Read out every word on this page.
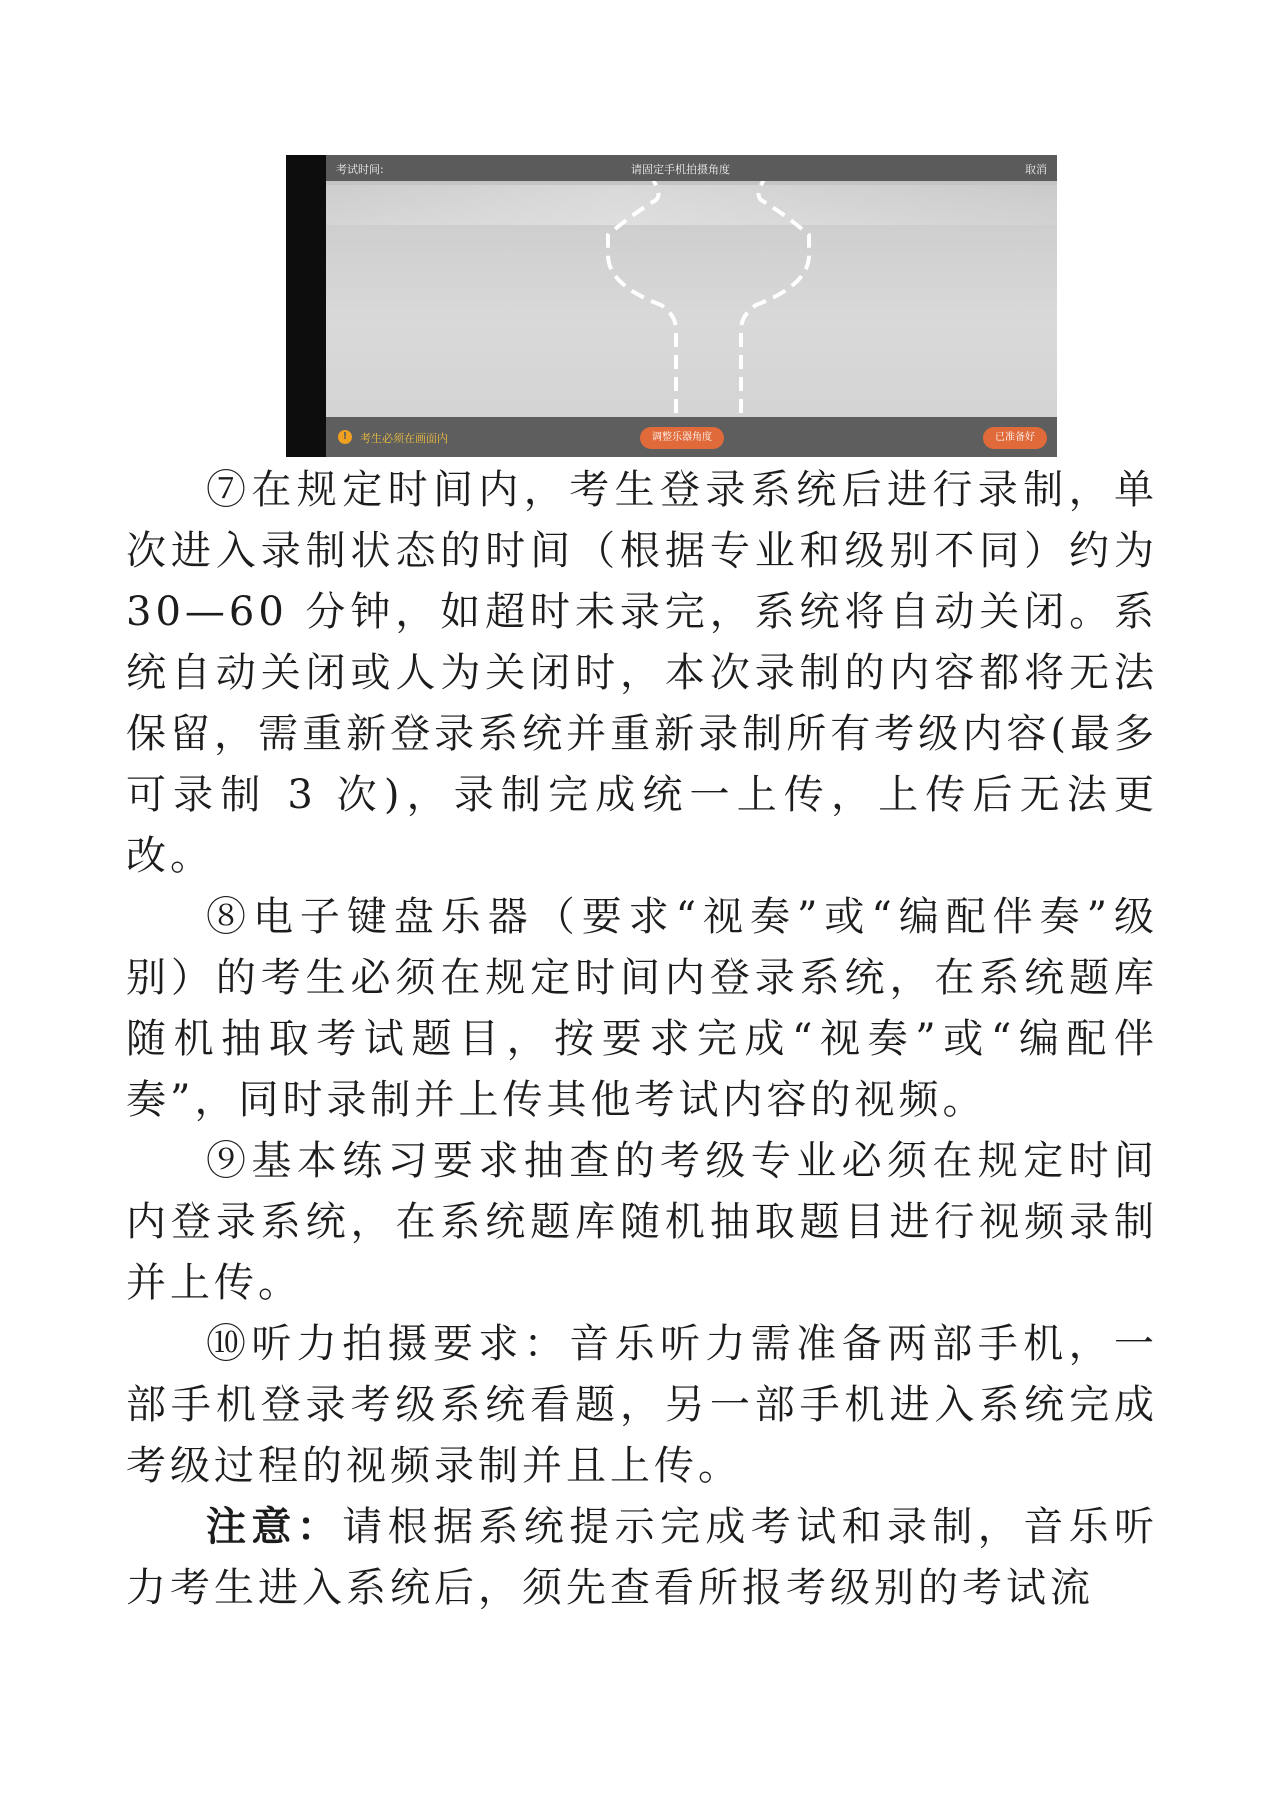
考试时间:	请固定手机拍摄角度	取消
!	考生必须在画面内	调整乐器角度	已准备好

⑦在规定时间内，考生登录系统后进行录制，单次进入录制状态的时间（根据专业和级别不同）约为 30—60 分钟，如超时未录完，系统将自动关闭。系统自动关闭或人为关闭时，本次录制的内容都将无法保留，需重新登录系统并重新录制所有考级内容(最多可录制 3 次)，录制完成统一上传，上传后无法更改。

⑧电子键盘乐器（要求“视奏”或“编配伴奏”级别）的考生必须在规定时间内登录系统，在系统题库随机抽取考试题目，按要求完成“视奏”或“编配伴奏”，同时录制并上传其他考试内容的视频。

⑨基本练习要求抽查的考级专业必须在规定时间内登录系统，在系统题库随机抽取题目进行视频录制并上传。

⑩听力拍摄要求：音乐听力需准备两部手机，一部手机登录考级系统看题，另一部手机进入系统完成考级过程的视频录制并且上传。

注意：请根据系统提示完成考试和录制，音乐听力考生进入系统后，须先查看所报考级别的考试流
